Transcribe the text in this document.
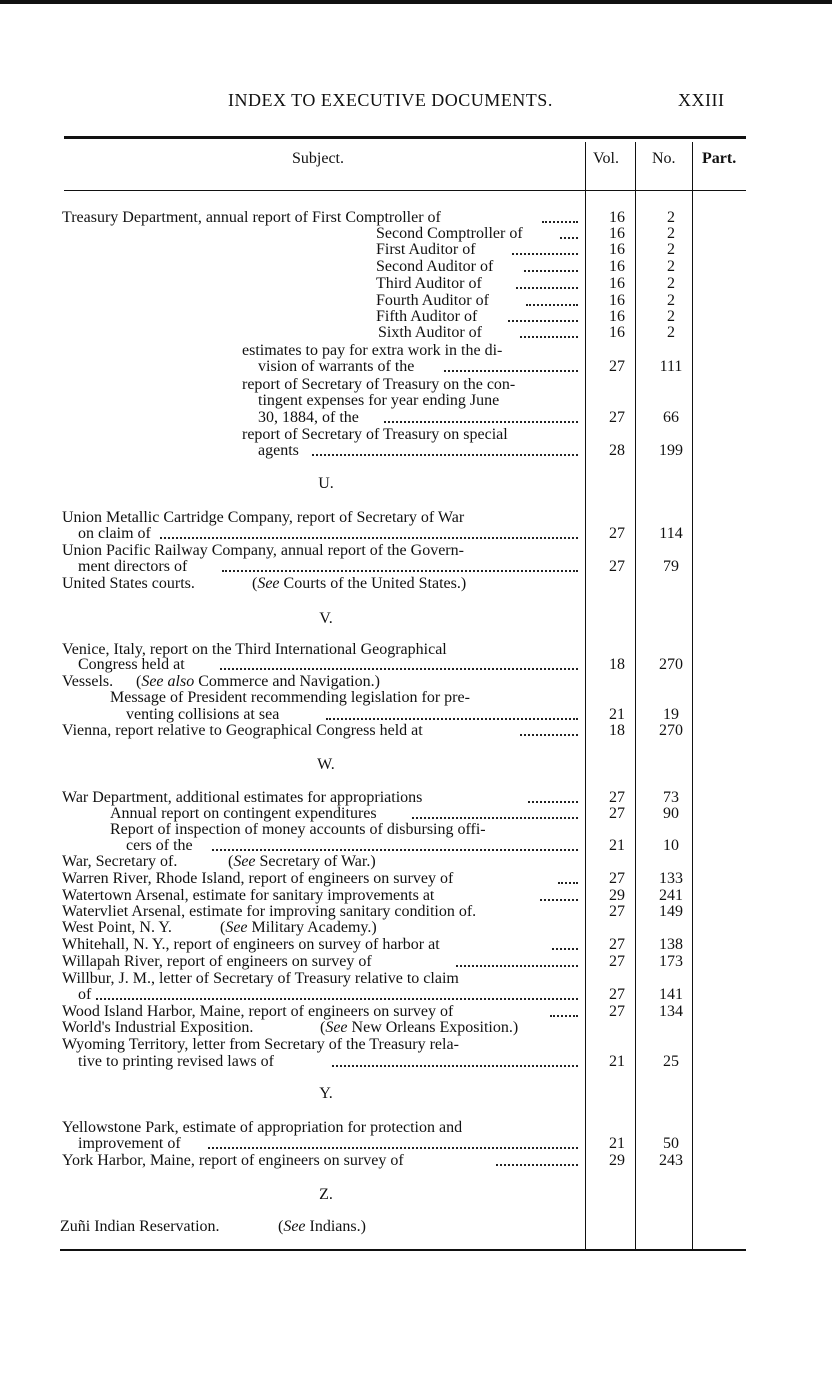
INDEX TO EXECUTIVE DOCUMENTS.	XXIII
Subject.	Vol. No. Part.
U.
V.
W.
Y.
Z.
Treasury Department, annual report of First Comptroller of	16	2
Second Comptroller of	16	2
First Auditor of	16	2
Second Auditor of	16	2
Third Auditor of	16	2
Fourth Auditor of	16	2
Fifth Auditor of	16	2
Sixth Auditor of	16	2
estimates to pay for extra work in the di-
vision of warrants of the	27	111
report of Secretary of Treasury on the con-
tingent expenses for year ending June
30, 1884, of the	27	66
report of Secretary of Treasury on special
agents	28	199
Union Metallic Cartridge Company, report of Secretary of War
on claim of	27	114
Union Pacific Railway Company, annual report of the Govern-
ment directors of	27	79
United States courts.	(See Courts of the United States.)
Venice, Italy, report on the Third International Geographical
Congress held at	18	270
Vessels. (See also Commerce and Navigation.)
Message of President recommending legislation for pre-
venting collisions at sea	21	19
Vienna, report relative to Geographical Congress held at	18	270
War Department, additional estimates for appropriations	27	73
Annual report on contingent expenditures	27	90
Report of inspection of money accounts of disbursing offi-
cers of the	21	10
War, Secretary of.	(See Secretary of War.)
Warren River, Rhode Island, report of engineers on survey of	27	133
Watertown Arsenal, estimate for sanitary improvements at	29	241
Watervliet Arsenal, estimate for improving sanitary condition of.	27	149
West Point, N. Y.	(See Military Academy.)
Whitehall, N. Y., report of engineers on survey of harbor at	27	138
Willapah River, report of engineers on survey of	27	173
Willbur, J. M., letter of Secretary of Treasury relative to claim
of	27	141
Wood Island Harbor, Maine, report of engineers on survey of	27	134
World's Industrial Exposition.	(See New Orleans Exposition.)
Wyoming Territory, letter from Secretary of the Treasury rela-
tive to printing revised laws of	21	25
Yellowstone Park, estimate of appropriation for protection and
improvement of	21	50
York Harbor, Maine, report of engineers on survey of	29	243
Zuñi Indian Reservation.	(See Indians.)
